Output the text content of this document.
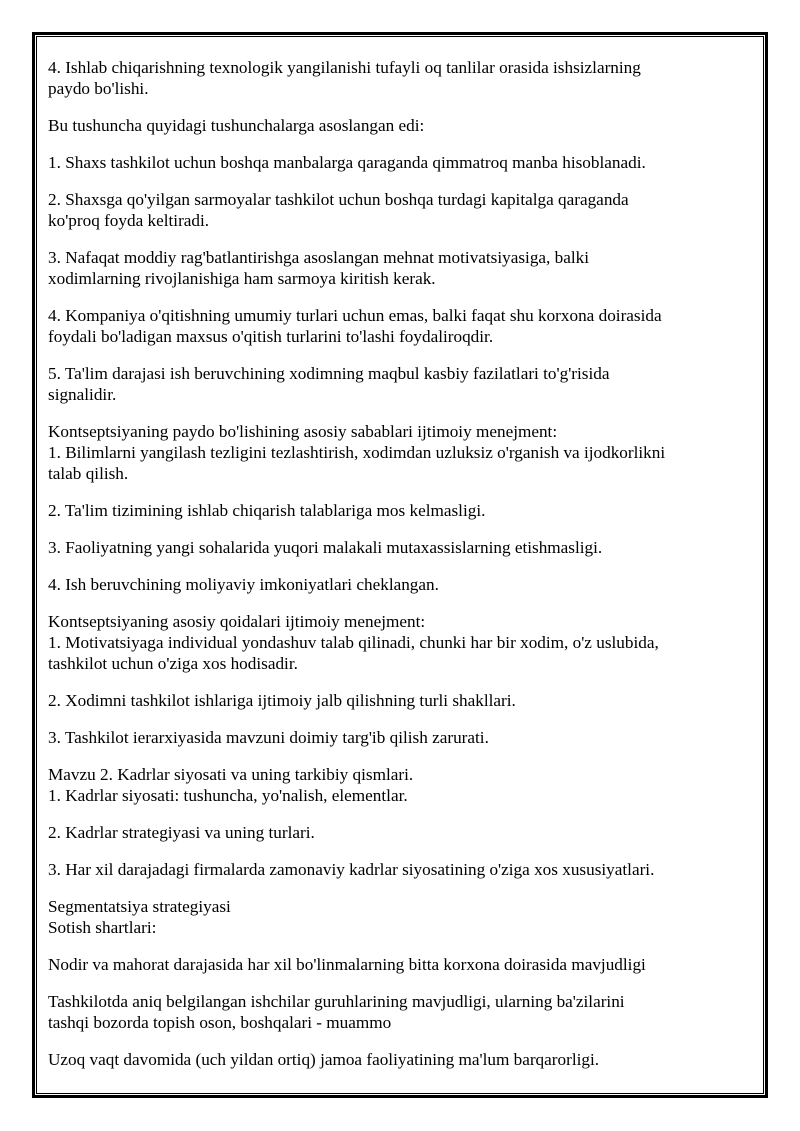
4. Ishlab chiqarishning texnologik yangilanishi tufayli oq tanlilar orasida ishsizlarning
paydo bo'lishi.
Bu tushuncha quyidagi tushunchalarga asoslangan edi:
1. Shaxs tashkilot uchun boshqa manbalarga qaraganda qimmatroq manba hisoblanadi.
2. Shaxsga qo'yilgan sarmoyalar tashkilot uchun boshqa turdagi kapitalga qaraganda
ko'proq foyda keltiradi.
3. Nafaqat moddiy rag'batlantirishga asoslangan mehnat motivatsiyasiga, balki
xodimlarning rivojlanishiga ham sarmoya kiritish kerak.
4. Kompaniya o'qitishning umumiy turlari uchun emas, balki faqat shu korxona doirasida
foydali bo'ladigan maxsus o'qitish turlarini to'lashi foydaliroqdir.
5. Ta'lim darajasi ish beruvchining xodimning maqbul kasbiy fazilatlari to'g'risida
signalidir.
Kontseptsiyaning paydo bo'lishining asosiy sabablari ijtimoiy menejment:
1. Bilimlarni yangilash tezligini tezlashtirish, xodimdan uzluksiz o'rganish va ijodkorlikni
talab qilish.
2. Ta'lim tizimining ishlab chiqarish talablariga mos kelmasligi.
3. Faoliyatning yangi sohalarida yuqori malakali mutaxassislarning etishmasligi.
4. Ish beruvchining moliyaviy imkoniyatlari cheklangan.
Kontseptsiyaning asosiy qoidalari ijtimoiy menejment:
1. Motivatsiyaga individual yondashuv talab qilinadi, chunki har bir xodim, o'z uslubida,
tashkilot uchun o'ziga xos hodisadir.
2. Xodimni tashkilot ishlariga ijtimoiy jalb qilishning turli shakllari.
3. Tashkilot ierarxiyasida mavzuni doimiy targ'ib qilish zarurati.
Mavzu 2. Kadrlar siyosati va uning tarkibiy qismlari.
1. Kadrlar siyosati: tushuncha, yo'nalish, elementlar.
2. Kadrlar strategiyasi va uning turlari.
3. Har xil darajadagi firmalarda zamonaviy kadrlar siyosatining o'ziga xos xususiyatlari.
Segmentatsiya strategiyasi
Sotish shartlari:
Nodir va mahorat darajasida har xil bo'linmalarning bitta korxona doirasida mavjudligi
Tashkilotda aniq belgilangan ishchilar guruhlarining mavjudligi, ularning ba'zilarini
tashqi bozorda topish oson, boshqalari - muammo
Uzoq vaqt davomida (uch yildan ortiq) jamoa faoliyatining ma'lum barqarorligi.
